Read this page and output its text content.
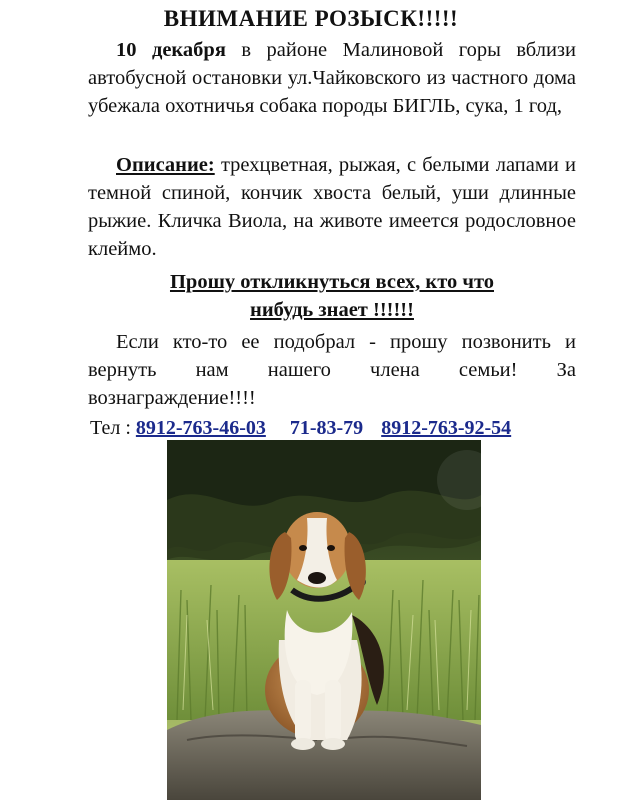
ВНИМАНИЕ РОЗЫСК!!!!!

10 декабря в районе Малиновой горы вблизи автобусной остановки ул.Чайковского из частного дома убежала охотничья собака породы БИГЛЬ, сука, 1 год,

Описание: трехцветная, рыжая, с белыми лапами и темной спиной, кончик хвоста белый, уши длинные рыжие. Кличка Виола, на животе имеется родословное клеймо.

Прошу откликнуться всех, кто что
нибудь знает !!!!!!

Если кто-то ее подобрал - прошу позвонить и вернуть нам нашего члена семьи! За вознаграждение!!!!

Тел : 8912-763-46-03 71-83-79 8912-763-92-54
